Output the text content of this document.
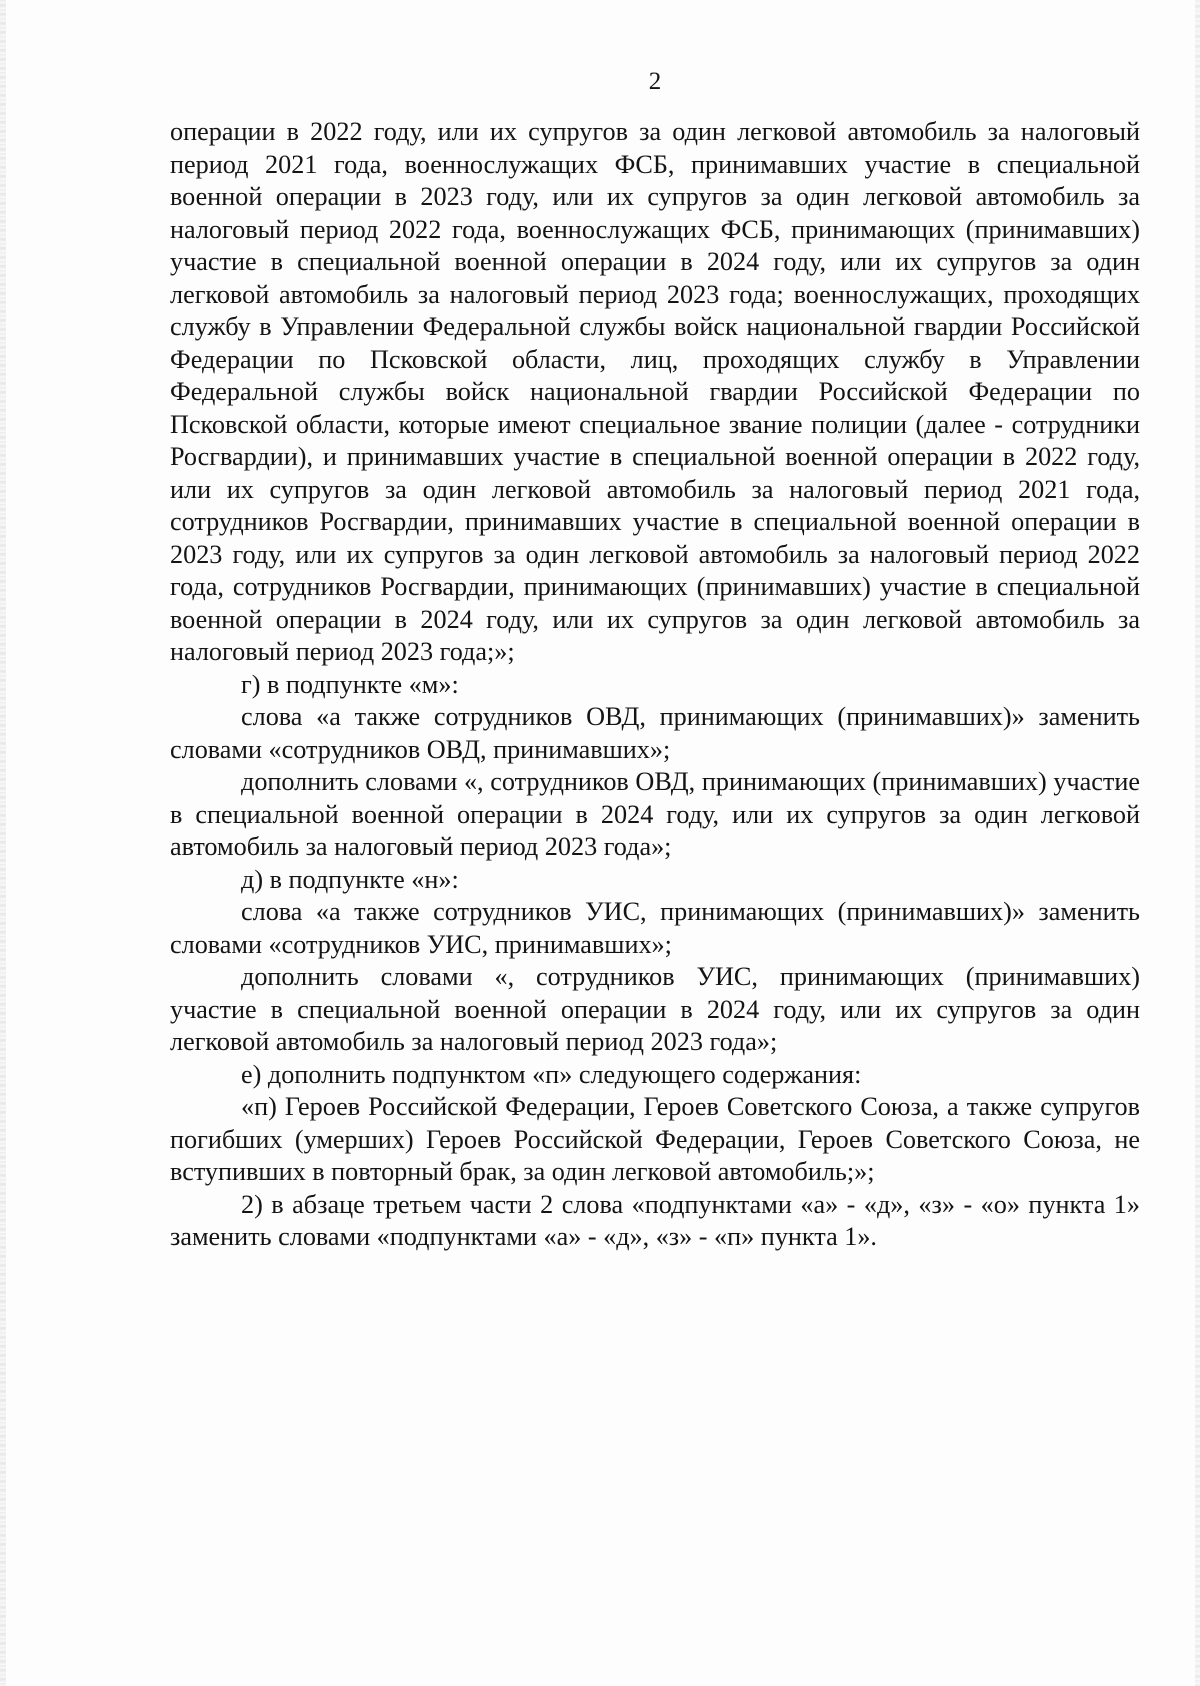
2

операции в 2022 году, или их супругов за один легковой автомобиль за налоговый период 2021 года, военнослужащих ФСБ, принимавших участие в специальной военной операции в 2023 году, или их супругов за один легковой автомобиль за налоговый период 2022 года, военнослужащих ФСБ, принимающих (принимавших) участие в специальной военной операции в 2024 году, или их супругов за один легковой автомобиль за налоговый период 2023 года; военнослужащих, проходящих службу в Управлении Федеральной службы войск национальной гвардии Российской Федерации по Псковской области, лиц, проходящих службу в Управлении Федеральной службы войск национальной гвардии Российской Федерации по Псковской области, которые имеют специальное звание полиции (далее - сотрудники Росгвардии), и принимавших участие в специальной военной операции в 2022 году, или их супругов за один легковой автомобиль за налоговый период 2021 года, сотрудников Росгвардии, принимавших участие в специальной военной операции в 2023 году, или их супругов за один легковой автомобиль за налоговый период 2022 года, сотрудников Росгвардии, принимающих (принимавших) участие в специальной военной операции в 2024 году, или их супругов за один легковой автомобиль за налоговый период 2023 года;»;

г) в подпункте «м»:

слова «а также сотрудников ОВД, принимающих (принимавших)» заменить словами «сотрудников ОВД, принимавших»;

дополнить словами «, сотрудников ОВД, принимающих (принимавших) участие в специальной военной операции в 2024 году, или их супругов за один легковой автомобиль за налоговый период 2023 года»;

д) в подпункте «н»:

слова «а также сотрудников УИС, принимающих (принимавших)» заменить словами «сотрудников УИС, принимавших»;

дополнить словами «, сотрудников УИС, принимающих (принимавших) участие в специальной военной операции в 2024 году, или их супругов за один легковой автомобиль за налоговый период 2023 года»;

е) дополнить подпунктом «п» следующего содержания:

«п) Героев Российской Федерации, Героев Советского Союза, а также супругов погибших (умерших) Героев Российской Федерации, Героев Советского Союза, не вступивших в повторный брак, за один легковой автомобиль;»;

2) в абзаце третьем части 2 слова «подпунктами «а» - «д», «з» - «о» пункта 1» заменить словами «подпунктами «а» - «д», «з» - «п» пункта 1».
